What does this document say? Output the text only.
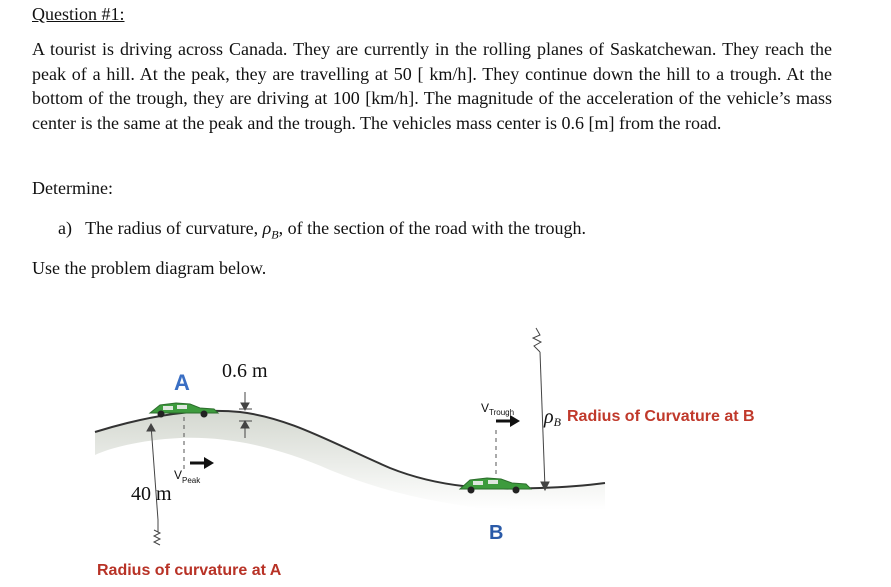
Question #1:
A tourist is driving across Canada. They are currently in the rolling planes of Saskatchewan. They reach the peak of a hill. At the peak, they are travelling at 50 [ km/h]. They continue down the hill to a trough. At the bottom of the trough, they are driving at 100 [km/h]. The magnitude of the acceleration of the vehicle’s mass center is the same at the peak and the trough. The vehicles mass center is 0.6 [m] from the road.
Determine:
a) The radius of curvature, $\rho_B$, of the section of the road with the trough.
Use the problem diagram below.
A 0.6 m
40 m
$V_{Peak}$
$V_{Trough}$ ρB Radius of Curvature at B
B
Radius of curvature at A
